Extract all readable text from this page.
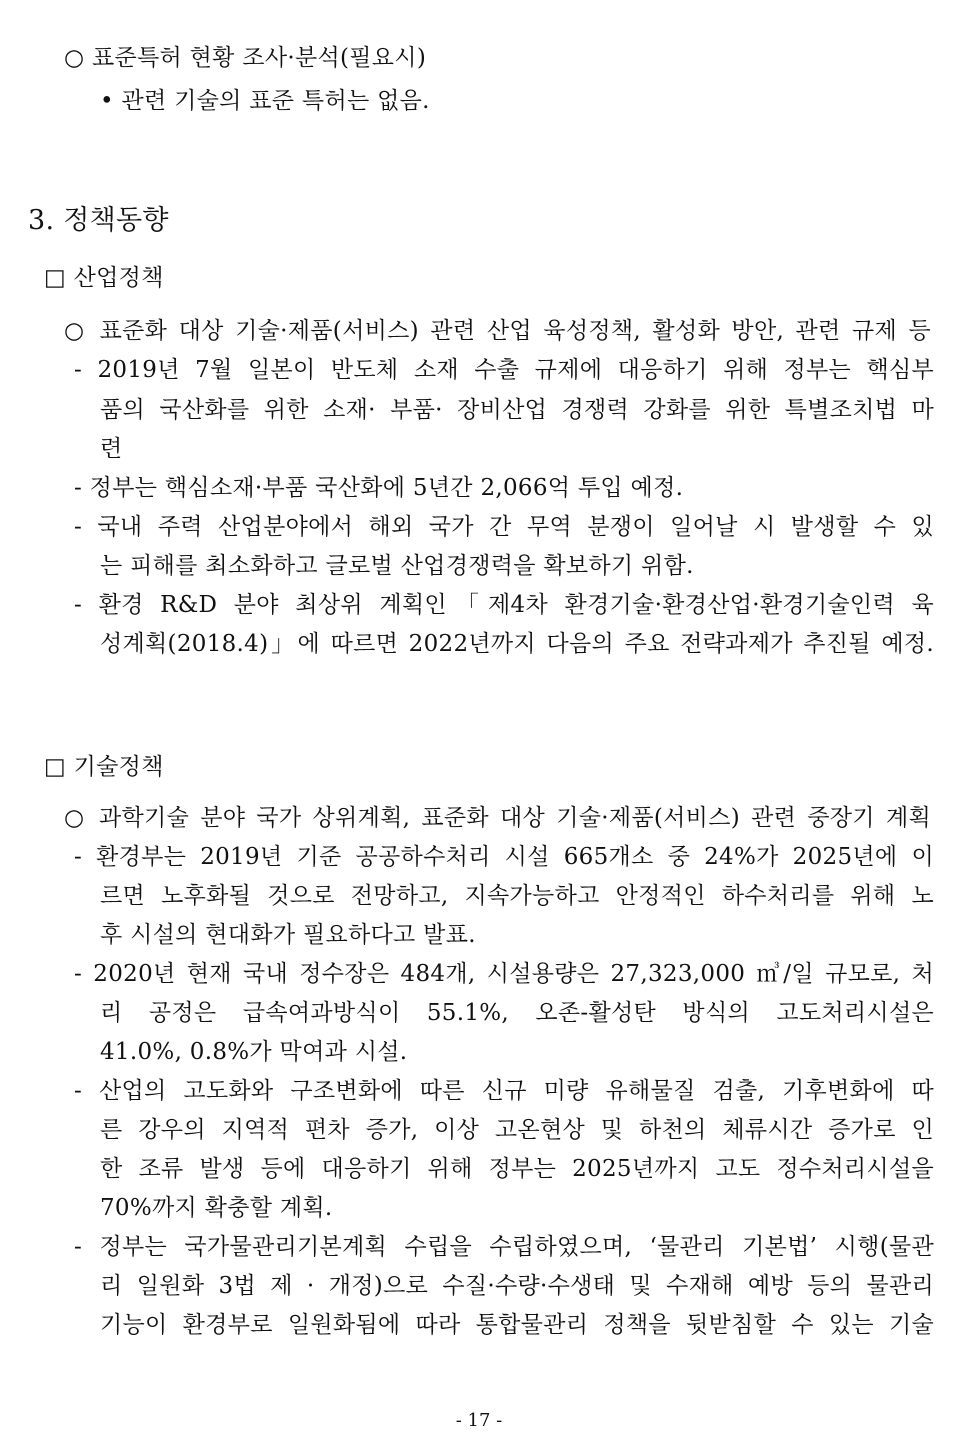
○ 표준특허 현황 조사·분석(필요시)
• 관련 기술의 표준 특허는 없음.
3. 정책동향
□ 산업정책
○ 표준화 대상 기술·제품(서비스) 관련 산업 육성정책, 활성화 방안, 관련 규제 등
- 2019년 7월 일본이 반도체 소재 수출 규제에 대응하기 위해 정부는 핵심부
품의 국산화를 위한 소재· 부품· 장비산업 경쟁력 강화를 위한 특별조치법 마
련
- 정부는 핵심소재·부품 국산화에 5년간 2,066억 투입 예정.
- 국내 주력 산업분야에서 해외 국가 간 무역 분쟁이 일어날 시 발생할 수 있
는 피해를 최소화하고 글로벌 산업경쟁력을 확보하기 위함.
- 환경 R&D 분야 최상위 계획인「제4차 환경기술·환경산업·환경기술인력 육
성계획(2018.4)」에 따르면 2022년까지 다음의 주요 전략과제가 추진될 예정.
□ 기술정책
○ 과학기술 분야 국가 상위계획, 표준화 대상 기술·제품(서비스) 관련 중장기 계획
- 환경부는 2019년 기준 공공하수처리 시설 665개소 중 24%가 2025년에 이
르면 노후화될 것으로 전망하고, 지속가능하고 안정적인 하수처리를 위해 노
후 시설의 현대화가 필요하다고 발표.
- 2020년 현재 국내 정수장은 484개, 시설용량은 27,323,000 ㎥/일 규모로, 처
리 공정은 급속여과방식이 55.1%, 오존-활성탄 방식의 고도처리시설은
41.0%, 0.8%가 막여과 시설.
- 산업의 고도화와 구조변화에 따른 신규 미량 유해물질 검출, 기후변화에 따
른 강우의 지역적 편차 증가, 이상 고온현상 및 하천의 체류시간 증가로 인
한 조류 발생 등에 대응하기 위해 정부는 2025년까지 고도 정수처리시설을
70%까지 확충할 계획.
- 정부는 국가물관리기본계획 수립을 수립하였으며, ‘물관리 기본법’ 시행(물관
리 일원화 3법 제 · 개정)으로 수질·수량·수생태 및 수재해 예방 등의 물관리
기능이 환경부로 일원화됨에 따라 통합물관리 정책을 뒷받침할 수 있는 기술
- 17 -
